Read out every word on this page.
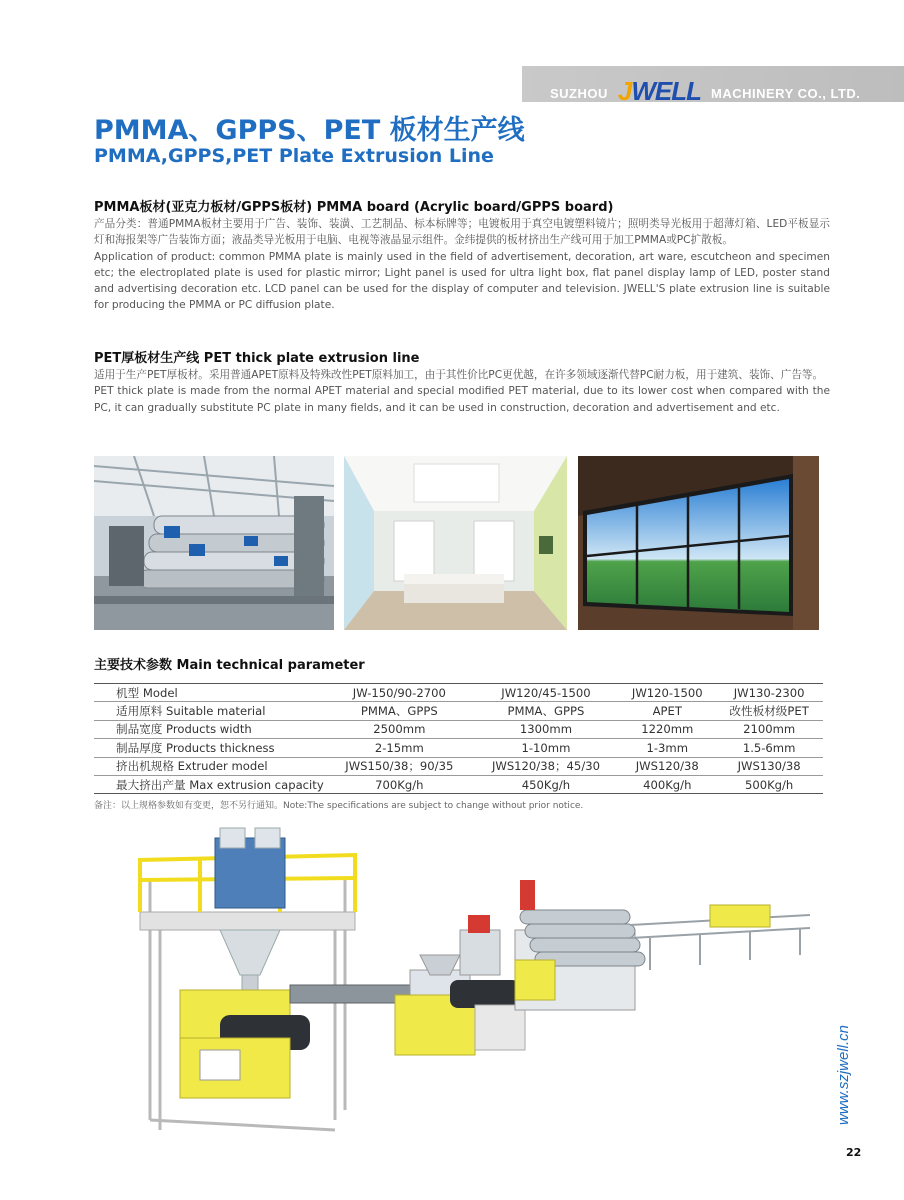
SUZHOU JWELL MACHINERY CO., LTD.
PMMA、GPPS、PET 板材生产线
PMMA,GPPS,PET Plate Extrusion Line
PMMA板材(亚克力板材/GPPS板材) PMMA board (Acrylic board/GPPS board)

产品分类：普通PMMA板材主要用于广告、装饰、装潢、工艺制品、标本标牌等；电镀板用于真空电镀塑料镜片；照明类导光板用于超薄灯箱、LED平板显示灯和海报架等广告装饰方面；液晶类导光板用于电脑、电视等液晶显示组件。金纬提供的板材挤出生产线可用于加工PMMA或PC扩散板。

Application of product: common PMMA plate is mainly used in the field of advertisement, decoration, art ware, escutcheon and specimen etc; the electroplated plate is used for plastic mirror; Light panel is used for ultra light box, flat panel display lamp of LED, poster stand and advertising decoration etc. LCD panel can be used for the display of computer and television. JWELL'S plate extrusion line is suitable for producing the PMMA or PC diffusion plate.

PET厚板材生产线 PET thick plate extrusion line

适用于生产PET厚板材。采用普通APET原料及特殊改性PET原料加工，由于其性价比PC更优越，在许多领域逐渐代替PC耐力板，用于建筑、装饰、广告等。

PET thick plate is made from the normal APET material and special modified PET material, due to its lower cost when compared with the PC, it can gradually substitute PC plate in many fields, and it can be used in construction, decoration and advertisement and etc.

主要技术参数 Main technical parameter
机型 Model	JW-150/90-2700	JW120/45-1500	JW120-1500	JW130-2300
适用原料 Suitable material	PMMA、GPPS	PMMA、GPPS	APET	改性板材级PET
制品宽度 Products width	2500mm	1300mm	1220mm	2100mm
制品厚度 Products thickness	2-15mm	1-10mm	1-3mm	1.5-6mm
挤出机规格 Extruder model	JWS150/38；90/35	JWS120/38；45/30	JWS120/38	JWS130/38
最大挤出产量 Max extrusion capacity	700Kg/h	450Kg/h	400Kg/h	500Kg/h
备注：以上规格参数如有变更，恕不另行通知。Note:The specifications are subject to change without prior notice.
www.szjwell.cn
22
